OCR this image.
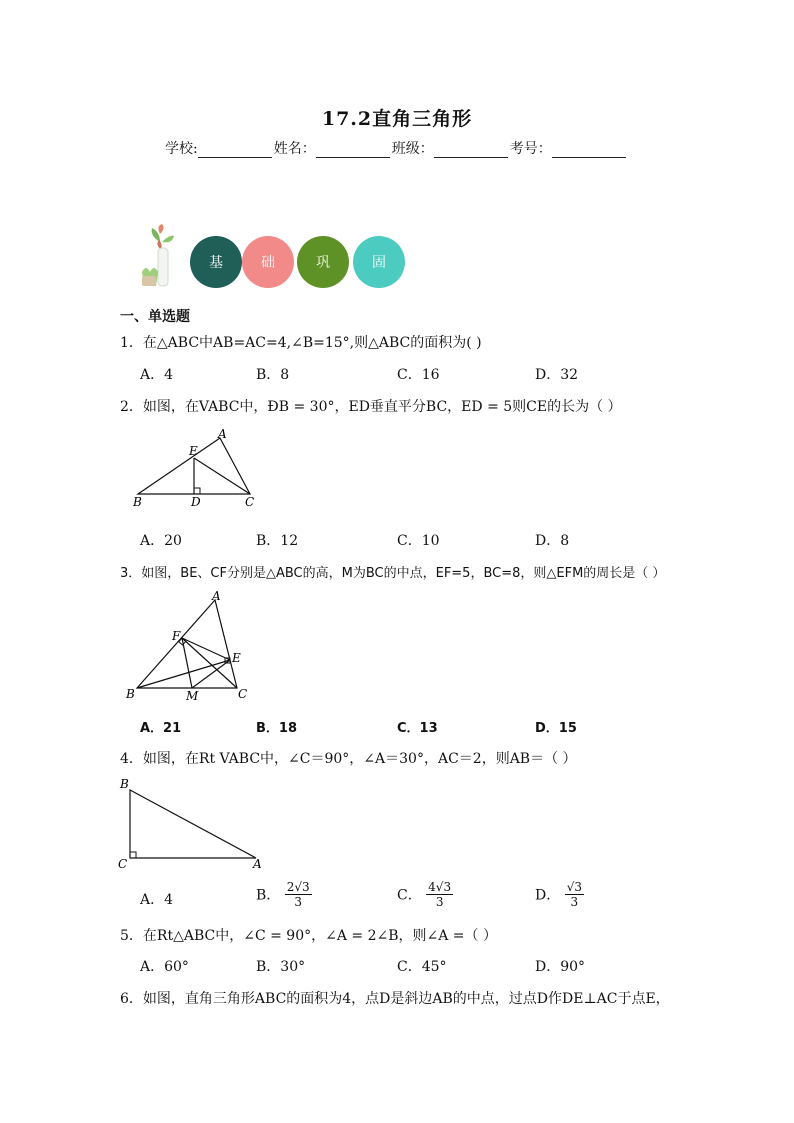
17.2直角三角形
学校:	姓名：	班级：	考号：
基	础	巩	固
一、单选题
1．在△ABC中AB=AC=4,∠B=15°,则△ABC的面积为( )
A．4	B．8	C．16	D．32
2．如图，在VABC中，ÐB = 30°，ED垂直平分BC，ED = 5则CE的长为（ ）
A
E
B	D	C
A．20	B．12	C．10	D．8
3．如图，BE、CF分别是△ABC的高，M为BC的中点，EF=5，BC=8，则△EFM的周长是（ ）
A
F
E
B	M	C
A．21	B．18	C．13	D．15
4．如图，在Rt VABC中，∠C＝90°，∠A＝30°，AC＝2，则AB＝（ ）
B
C	A
A．4	B． $\frac{2√3}{3}$	C． $\frac{4√3}{3}$	D． $\frac{√3}{3}$
5．在Rt△ABC中，∠C = 90°，∠A = 2∠B，则∠A =（ ）
A．60°	B．30°	C．45°	D．90°
6．如图，直角三角形ABC的面积为4，点D是斜边AB的中点，过点D作DE⊥AC于点E，
